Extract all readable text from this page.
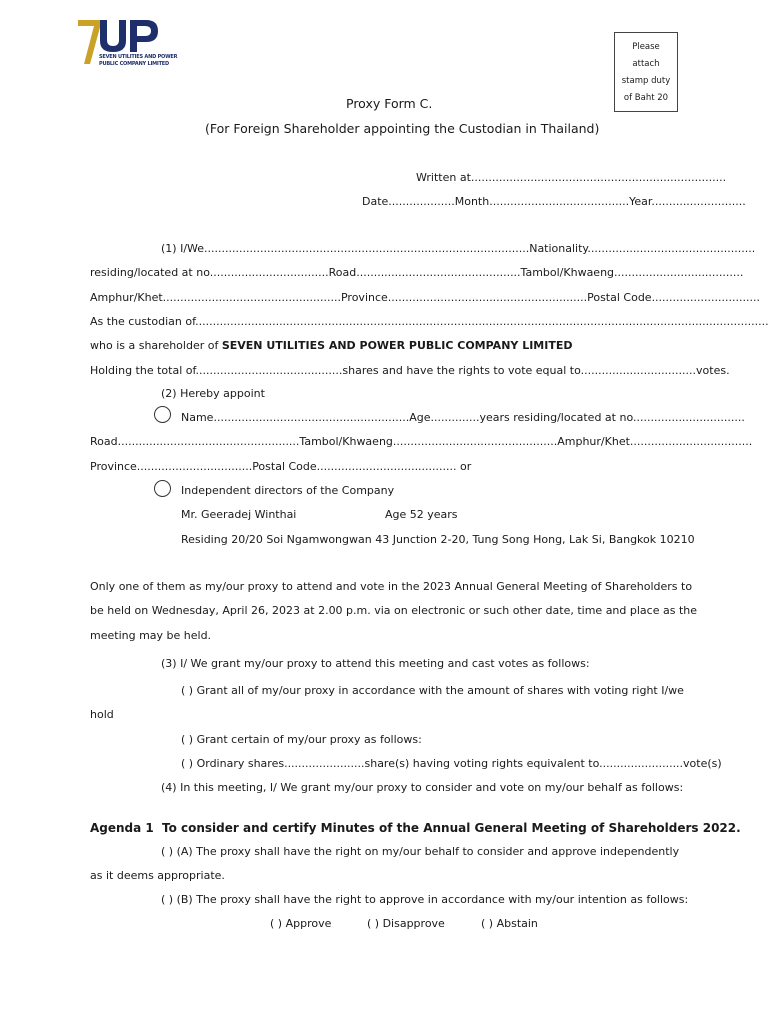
SEVEN UTILITIES AND POWER
PUBLIC COMPANY LIMITED
Please
attach
stamp duty
of Baht 20
Proxy Form C.
(For Foreign Shareholder appointing the Custodian in Thailand)
Written at.........................................................................
Date...................Month........................................Year...........................
(1) I/We.............................................................................................Nationality................................................
residing/located at no..................................Road...............................................Tambol/Khwaeng.....................................
Amphur/Khet...................................................Province.........................................................Postal Code...............................
As the custodian of....................................................................................................................................................................
who is a shareholder of SEVEN UTILITIES AND POWER PUBLIC COMPANY LIMITED
Holding the total of..........................................shares and have the rights to vote equal to.................................votes.
(2) Hereby appoint
Name........................................................Age..............years residing/located at no................................
Road....................................................Tambol/Khwaeng...............................................Amphur/Khet...................................
Province.................................Postal Code........................................ or
Independent directors of the Company
Mr. Geeradej Winthai	Age 52 years
Residing 20/20 Soi Ngamwongwan 43 Junction 2-20, Tung Song Hong, Lak Si, Bangkok 10210
Only one of them as my/our proxy to attend and vote in the 2023 Annual General Meeting of Shareholders to
be held on Wednesday, April 26, 2023 at 2.00 p.m. via on electronic or such other date, time and place as the
meeting may be held.
(3) I/ We grant my/our proxy to attend this meeting and cast votes as follows:
( ) Grant all of my/our proxy in accordance with the amount of shares with voting right I/we
hold
( ) Grant certain of my/our proxy as follows:
( ) Ordinary shares.......................share(s) having voting rights equivalent to........................vote(s)
(4) In this meeting, I/ We grant my/our proxy to consider and vote on my/our behalf as follows:
Agenda 1 To consider and certify Minutes of the Annual General Meeting of Shareholders 2022.
( ) (A) The proxy shall have the right on my/our behalf to consider and approve independently
as it deems appropriate.
( ) (B) The proxy shall have the right to approve in accordance with my/our intention as follows:
( ) Approve	( ) Disapprove	( ) Abstain
